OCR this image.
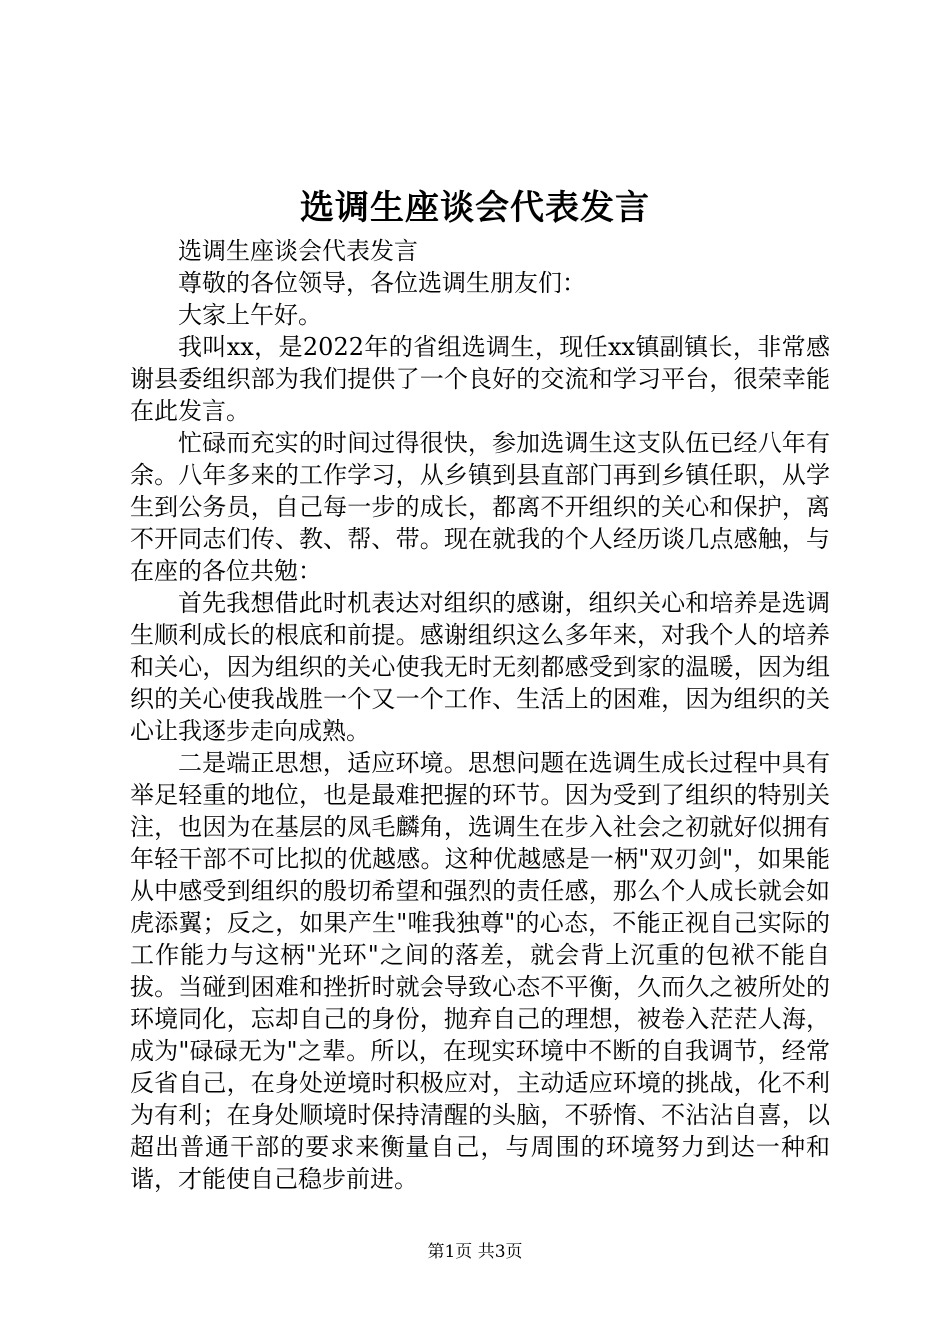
选调生座谈会代表发言

选调生座谈会代表发言

尊敬的各位领导，各位选调生朋友们：

大家上午好。

我叫xx，是2022年的省组选调生，现任xx镇副镇长，非常感谢县委组织部为我们提供了一个良好的交流和学习平台，很荣幸能在此发言。

忙碌而充实的时间过得很快，参加选调生这支队伍已经八年有余。八年多来的工作学习，从乡镇到县直部门再到乡镇任职，从学生到公务员，自己每一步的成长，都离不开组织的关心和保护，离不开同志们传、教、帮、带。现在就我的个人经历谈几点感触，与在座的各位共勉：

首先我想借此时机表达对组织的感谢，组织关心和培养是选调生顺利成长的根底和前提。感谢组织这么多年来，对我个人的培养和关心，因为组织的关心使我无时无刻都感受到家的温暖，因为组织的关心使我战胜一个又一个工作、生活上的困难，因为组织的关心让我逐步走向成熟。

二是端正思想，适应环境。思想问题在选调生成长过程中具有举足轻重的地位，也是最难把握的环节。因为受到了组织的特别关注，也因为在基层的凤毛麟角，选调生在步入社会之初就好似拥有年轻干部不可比拟的优越感。这种优越感是一柄"双刃剑"，如果能从中感受到组织的殷切希望和强烈的责任感，那么个人成长就会如虎添翼；反之，如果产生"唯我独尊"的心态，不能正视自己实际的工作能力与这柄"光环"之间的落差，就会背上沉重的包袱不能自拔。当碰到困难和挫折时就会导致心态不平衡，久而久之被所处的环境同化，忘却自己的身份，抛弃自己的理想，被卷入茫茫人海，成为"碌碌无为"之辈。所以，在现实环境中不断的自我调节，经常反省自己，在身处逆境时积极应对，主动适应环境的挑战，化不利为有利；在身处顺境时保持清醒的头脑，不骄惰、不沾沾自喜，以超出普通干部的要求来衡量自己，与周围的环境努力到达一种和谐，才能使自己稳步前进。

第1页 共3页
